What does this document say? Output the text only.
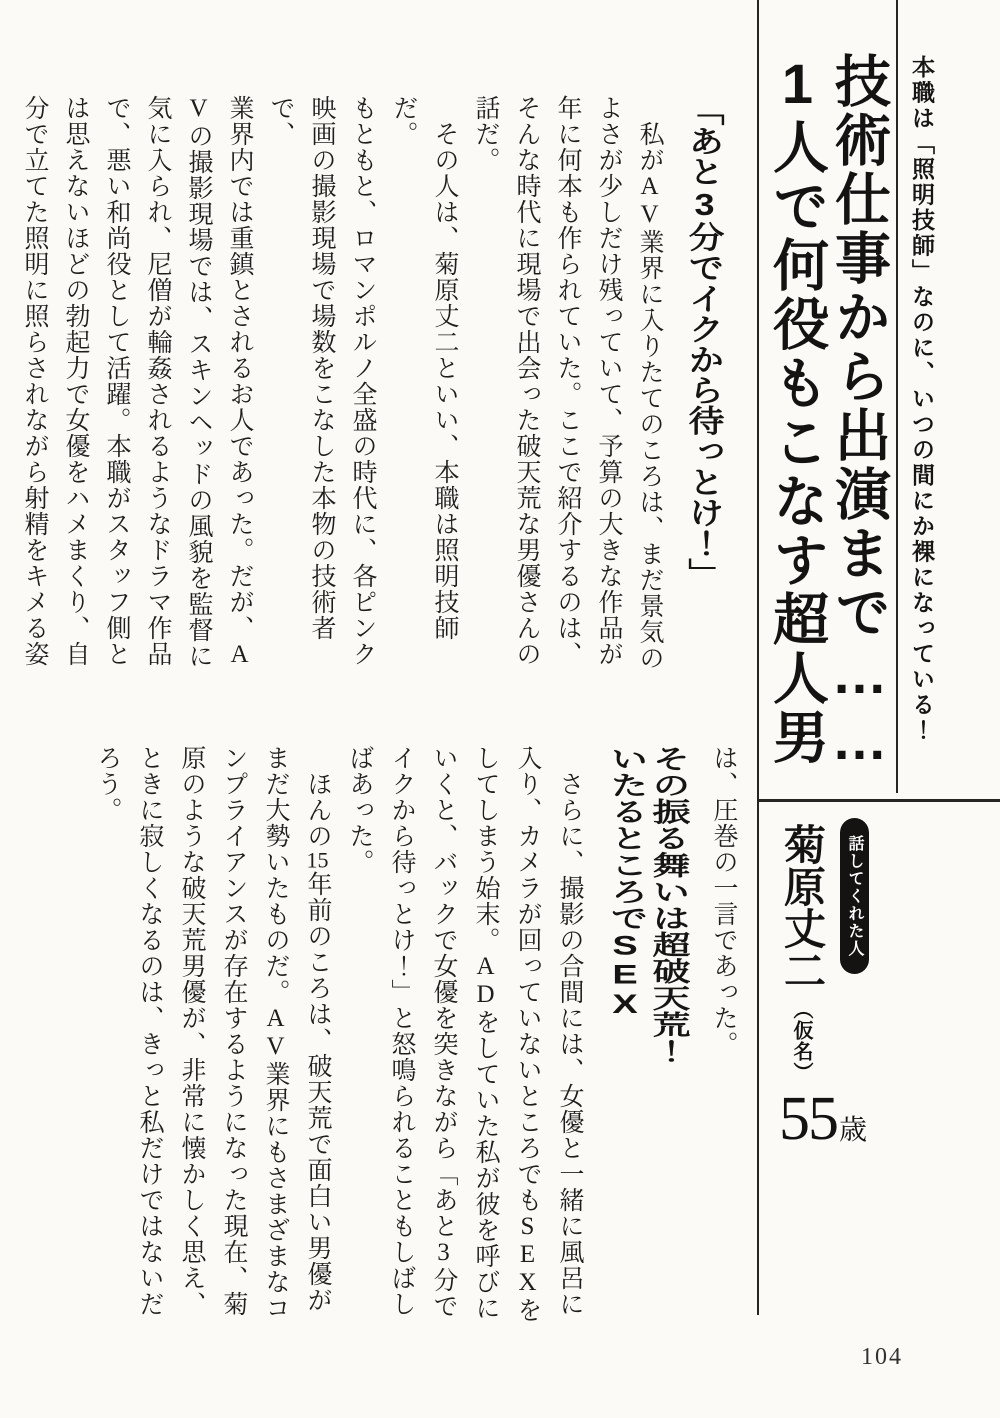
本職は「照明技師」なのに、いつの間にか裸になっている！
技術仕事から出演まで……
1人で何役もこなす超人男
話してくれた人
菊原丈二（仮名）
55歳
「あと3分でイクから待っとけ！」
私がAV業界に入りたてのころは、まだ景気の
よさが少しだけ残っていて、予算の大きな作品が
年に何本も作られていた。ここで紹介するのは、
そんな時代に現場で出会った破天荒な男優さんの
話だ。
その人は、菊原丈二といい、本職は照明技師だ。
もともと、ロマンポルノ全盛の時代に、各ピンク
映画の撮影現場で場数をこなした本物の技術者で、
業界内では重鎮とされるお人であった。だが、A
Vの撮影現場では、スキンヘッドの風貌を監督に
気に入られ、尼僧が輪姦されるようなドラマ作品
で、悪い和尚役として活躍。本職がスタッフ側と
は思えないほどの勃起力で女優をハメまくり、自
分で立てた照明に照らされながら射精をキメる姿
は、圧巻の一言であった。
その振る舞いは超破天荒！
いたるところでSEX
さらに、撮影の合間には、女優と一緒に風呂に
入り、カメラが回っていないところでもSEXを
してしまう始末。ADをしていた私が彼を呼びに
いくと、バックで女優を突きながら「あと3分で
イクから待っとけ！」と怒鳴られることもしばし
ばあった。
ほんの15年前のころは、破天荒で面白い男優が
まだ大勢いたものだ。AV業界にもさまざまなコ
ンプライアンスが存在するようになった現在、菊
原のような破天荒男優が、非常に懐かしく思え、
ときに寂しくなるのは、きっと私だけではないだ
ろう。
104
